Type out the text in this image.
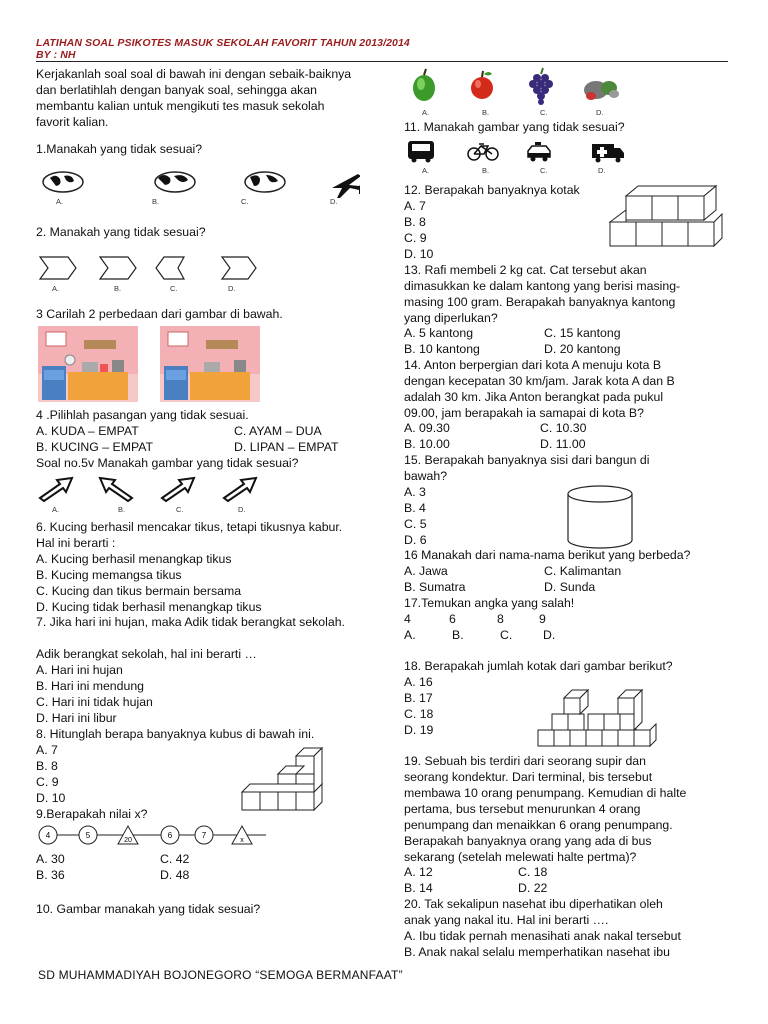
LATIHAN SOAL PSIKOTES MASUK SEKOLAH FAVORIT TAHUN 2013/2014
BY : NH
Kerjakanlah soal soal di bawah ini dengan sebaik-baiknya dan berlatihlah dengan banyak soal, sehingga akan membantu kalian untuk mengikuti tes masuk sekolah favorit kalian.
1.Manakah yang tidak sesuai?
A.	B.	C.	D.
2. Manakah yang tidak sesuai?
A.	B.	C.	D.
3 Carilah 2 perbedaan dari gambar di bawah.
4 .Pilihlah pasangan yang tidak sesuai.
A. KUDA – EMPAT	C. AYAM – DUA
B. KUCING – EMPAT	D. LIPAN – EMPAT
Soal no.5v Manakah gambar yang tidak sesuai?
A.	B.	C.	D.
6. Kucing berhasil mencakar tikus, tetapi tikusnya kabur. Hal ini berarti :
A. Kucing berhasil menangkap tikus
B. Kucing memangsa tikus
C. Kucing dan tikus bermain bersama
D. Kucing tidak berhasil menangkap tikus
7. Jika hari ini hujan, maka Adik tidak berangkat sekolah.
Adik berangkat sekolah, hal ini berarti …
A. Hari ini hujan
B. Hari ini mendung
C. Hari ini tidak hujan
D. Hari ini libur
8. Hitunglah berapa banyaknya kubus di bawah ini.
A. 7
B. 8
C. 9
D. 10
9.Berapakah nilai x?
4	5
20
6	7
x
A. 30	C. 42
B. 36	D. 48
10. Gambar manakah yang tidak sesuai?
A.	B.	C.	D.
11. Manakah gambar yang tidak sesuai?
A.	B.	C.	D.
12. Berapakah banyaknya kotak
A. 7
B. 8
C. 9
D. 10
13. Rafi membeli 2 kg cat. Cat tersebut akan
dimasukkan ke dalam kantong yang berisi masing-
masing 100 gram. Berapakah banyaknya kantong
yang diperlukan?
A. 5 kantong	C. 15 kantong
B. 10 kantong	D. 20 kantong
14. Anton berpergian dari kota A menuju kota B
dengan kecepatan 30 km/jam. Jarak kota A dan B
adalah 30 km. Jika Anton berangkat pada pukul
09.00, jam berapakah ia samapai di kota B?
A. 09.30	C. 10.30
B. 10.00	D. 11.00
15. Berapakah banyaknya sisi dari bangun di
bawah?
A. 3
B. 4
C. 5
D. 6
16 Manakah dari nama-nama berikut yang berbeda?
A. Jawa	C. Kalimantan
B. Sumatra	D. Sunda
17.Temukan angka yang salah!
4	6	8	9
A.	B.	C. D.
18. Berapakah jumlah kotak dari gambar berikut?
A. 16
B. 17
C. 18
D. 19
19. Sebuah bis terdiri dari seorang supir dan
seorang kondektur. Dari terminal, bis tersebut
membawa 10 orang penumpang. Kemudian di halte
pertama, bus tersebut menurunkan 4 orang
penumpang dan menaikkan 6 orang penumpang.
Berapakah banyaknya orang yang ada di bus
sekarang (setelah melewati halte pertma)?
A. 12	C. 18
B. 14	D. 22
20. Tak sekalipun nasehat ibu diperhatikan oleh
anak yang nakal itu. Hal ini berarti ….
A. Ibu tidak pernah menasihati anak nakal tersebut
B. Anak nakal selalu memperhatikan nasehat ibu
SD MUHAMMADIYAH BOJONEGORO “SEMOGA BERMANFAAT”
